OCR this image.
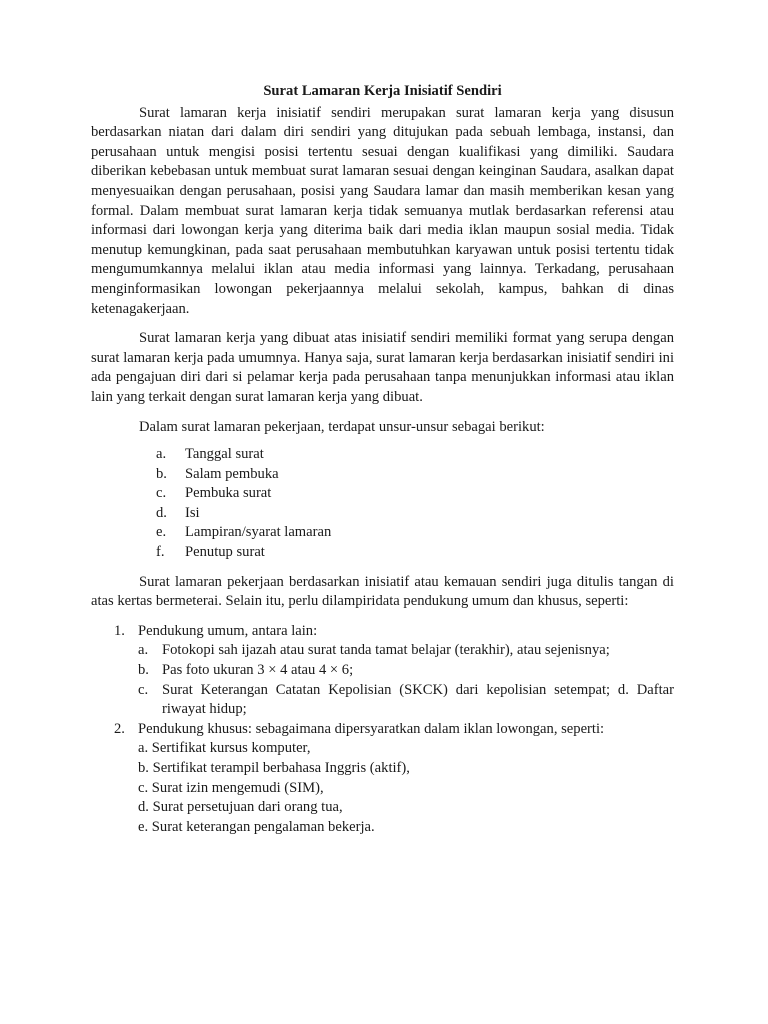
Surat Lamaran Kerja Inisiatif Sendiri

Surat lamaran kerja inisiatif sendiri merupakan surat lamaran kerja yang disusun berdasarkan niatan dari dalam diri sendiri yang ditujukan pada sebuah lembaga, instansi, dan perusahaan untuk mengisi posisi tertentu sesuai dengan kualifikasi yang dimiliki. Saudara diberikan kebebasan untuk membuat surat lamaran sesuai dengan keinginan Saudara, asalkan dapat menyesuaikan dengan perusahaan, posisi yang Saudara lamar dan masih memberikan kesan yang formal. Dalam membuat surat lamaran kerja tidak semuanya mutlak berdasarkan referensi atau informasi dari lowongan kerja yang diterima baik dari media iklan maupun sosial media. Tidak menutup kemungkinan, pada saat perusahaan membutuhkan karyawan untuk posisi tertentu tidak mengumumkannya melalui iklan atau media informasi yang lainnya. Terkadang, perusahaan menginformasikan lowongan pekerjaannya melalui sekolah, kampus, bahkan di dinas ketenagakerjaan.

Surat lamaran kerja yang dibuat atas inisiatif sendiri memiliki format yang serupa dengan surat lamaran kerja pada umumnya. Hanya saja, surat lamaran kerja berdasarkan inisiatif sendiri ini ada pengajuan diri dari si pelamar kerja pada perusahaan tanpa menunjukkan informasi atau iklan lain yang terkait dengan surat lamaran kerja yang dibuat.

Dalam surat lamaran pekerjaan, terdapat unsur-unsur sebagai berikut:

a. Tanggal surat
b. Salam pembuka
c. Pembuka surat
d. Isi
e. Lampiran/syarat lamaran
f. Penutup surat

Surat lamaran pekerjaan berdasarkan inisiatif atau kemauan sendiri juga ditulis tangan di atas kertas bermeterai. Selain itu, perlu dilampiridata pendukung umum dan khusus, seperti:

1. Pendukung umum, antara lain:
a. Fotokopi sah ijazah atau surat tanda tamat belajar (terakhir), atau sejenisnya;
b. Pas foto ukuran 3 × 4 atau 4 × 6;
c. Surat Keterangan Catatan Kepolisian (SKCK) dari kepolisian setempat; d. Daftar riwayat hidup;
2. Pendukung khusus: sebagaimana dipersyaratkan dalam iklan lowongan, seperti:
a. Sertifikat kursus komputer,
b. Sertifikat terampil berbahasa Inggris (aktif),
c. Surat izin mengemudi (SIM),
d. Surat persetujuan dari orang tua,
e. Surat keterangan pengalaman bekerja.
